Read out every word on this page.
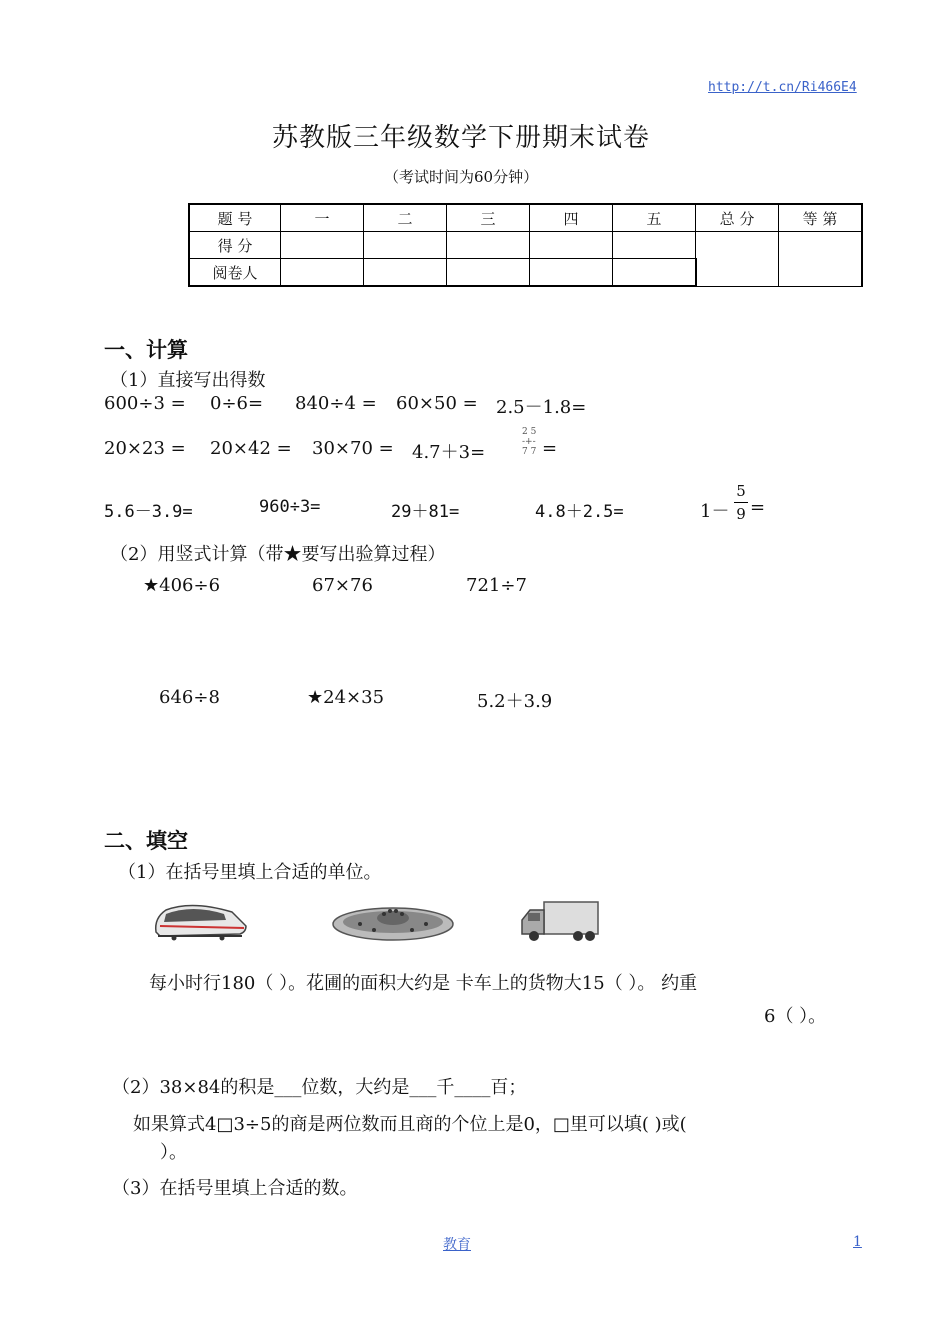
http://t.cn/Ri466E4
苏教版三年级数学下册期末试卷
（考试时间为60分钟）
题 号	一	二	三	四	五	总 分	等 第
得 分							
阅卷人							
一、计算
（1）直接写出得数
600÷3 = 0÷6= 840÷4 = 60×50 = 2.5－1.8=
20×23 = 20×42 = 30×70 = 4.7＋3=
2 5
-+-
7 7 =
5.6－3.9=	960÷3=	29＋81=	4.8＋2.5=	1－
5
9 =
（2）用竖式计算（带★要写出验算过程）
★406÷6	67×76	721÷7
646÷8	★24×35	5.2＋3.9
二、填空
（1）在括号里填上合适的单位。
每小时行180（ ）。花圃的面积大约是 卡车上的货物大15（ ）。 约重
6（ ）。
（2）38×84的积是___位数，大约是___千____百；
如果算式4□3÷5的商是两位数而且商的个位上是0，□里可以填( )或(
）。
（3）在括号里填上合适的数。
教育	1
